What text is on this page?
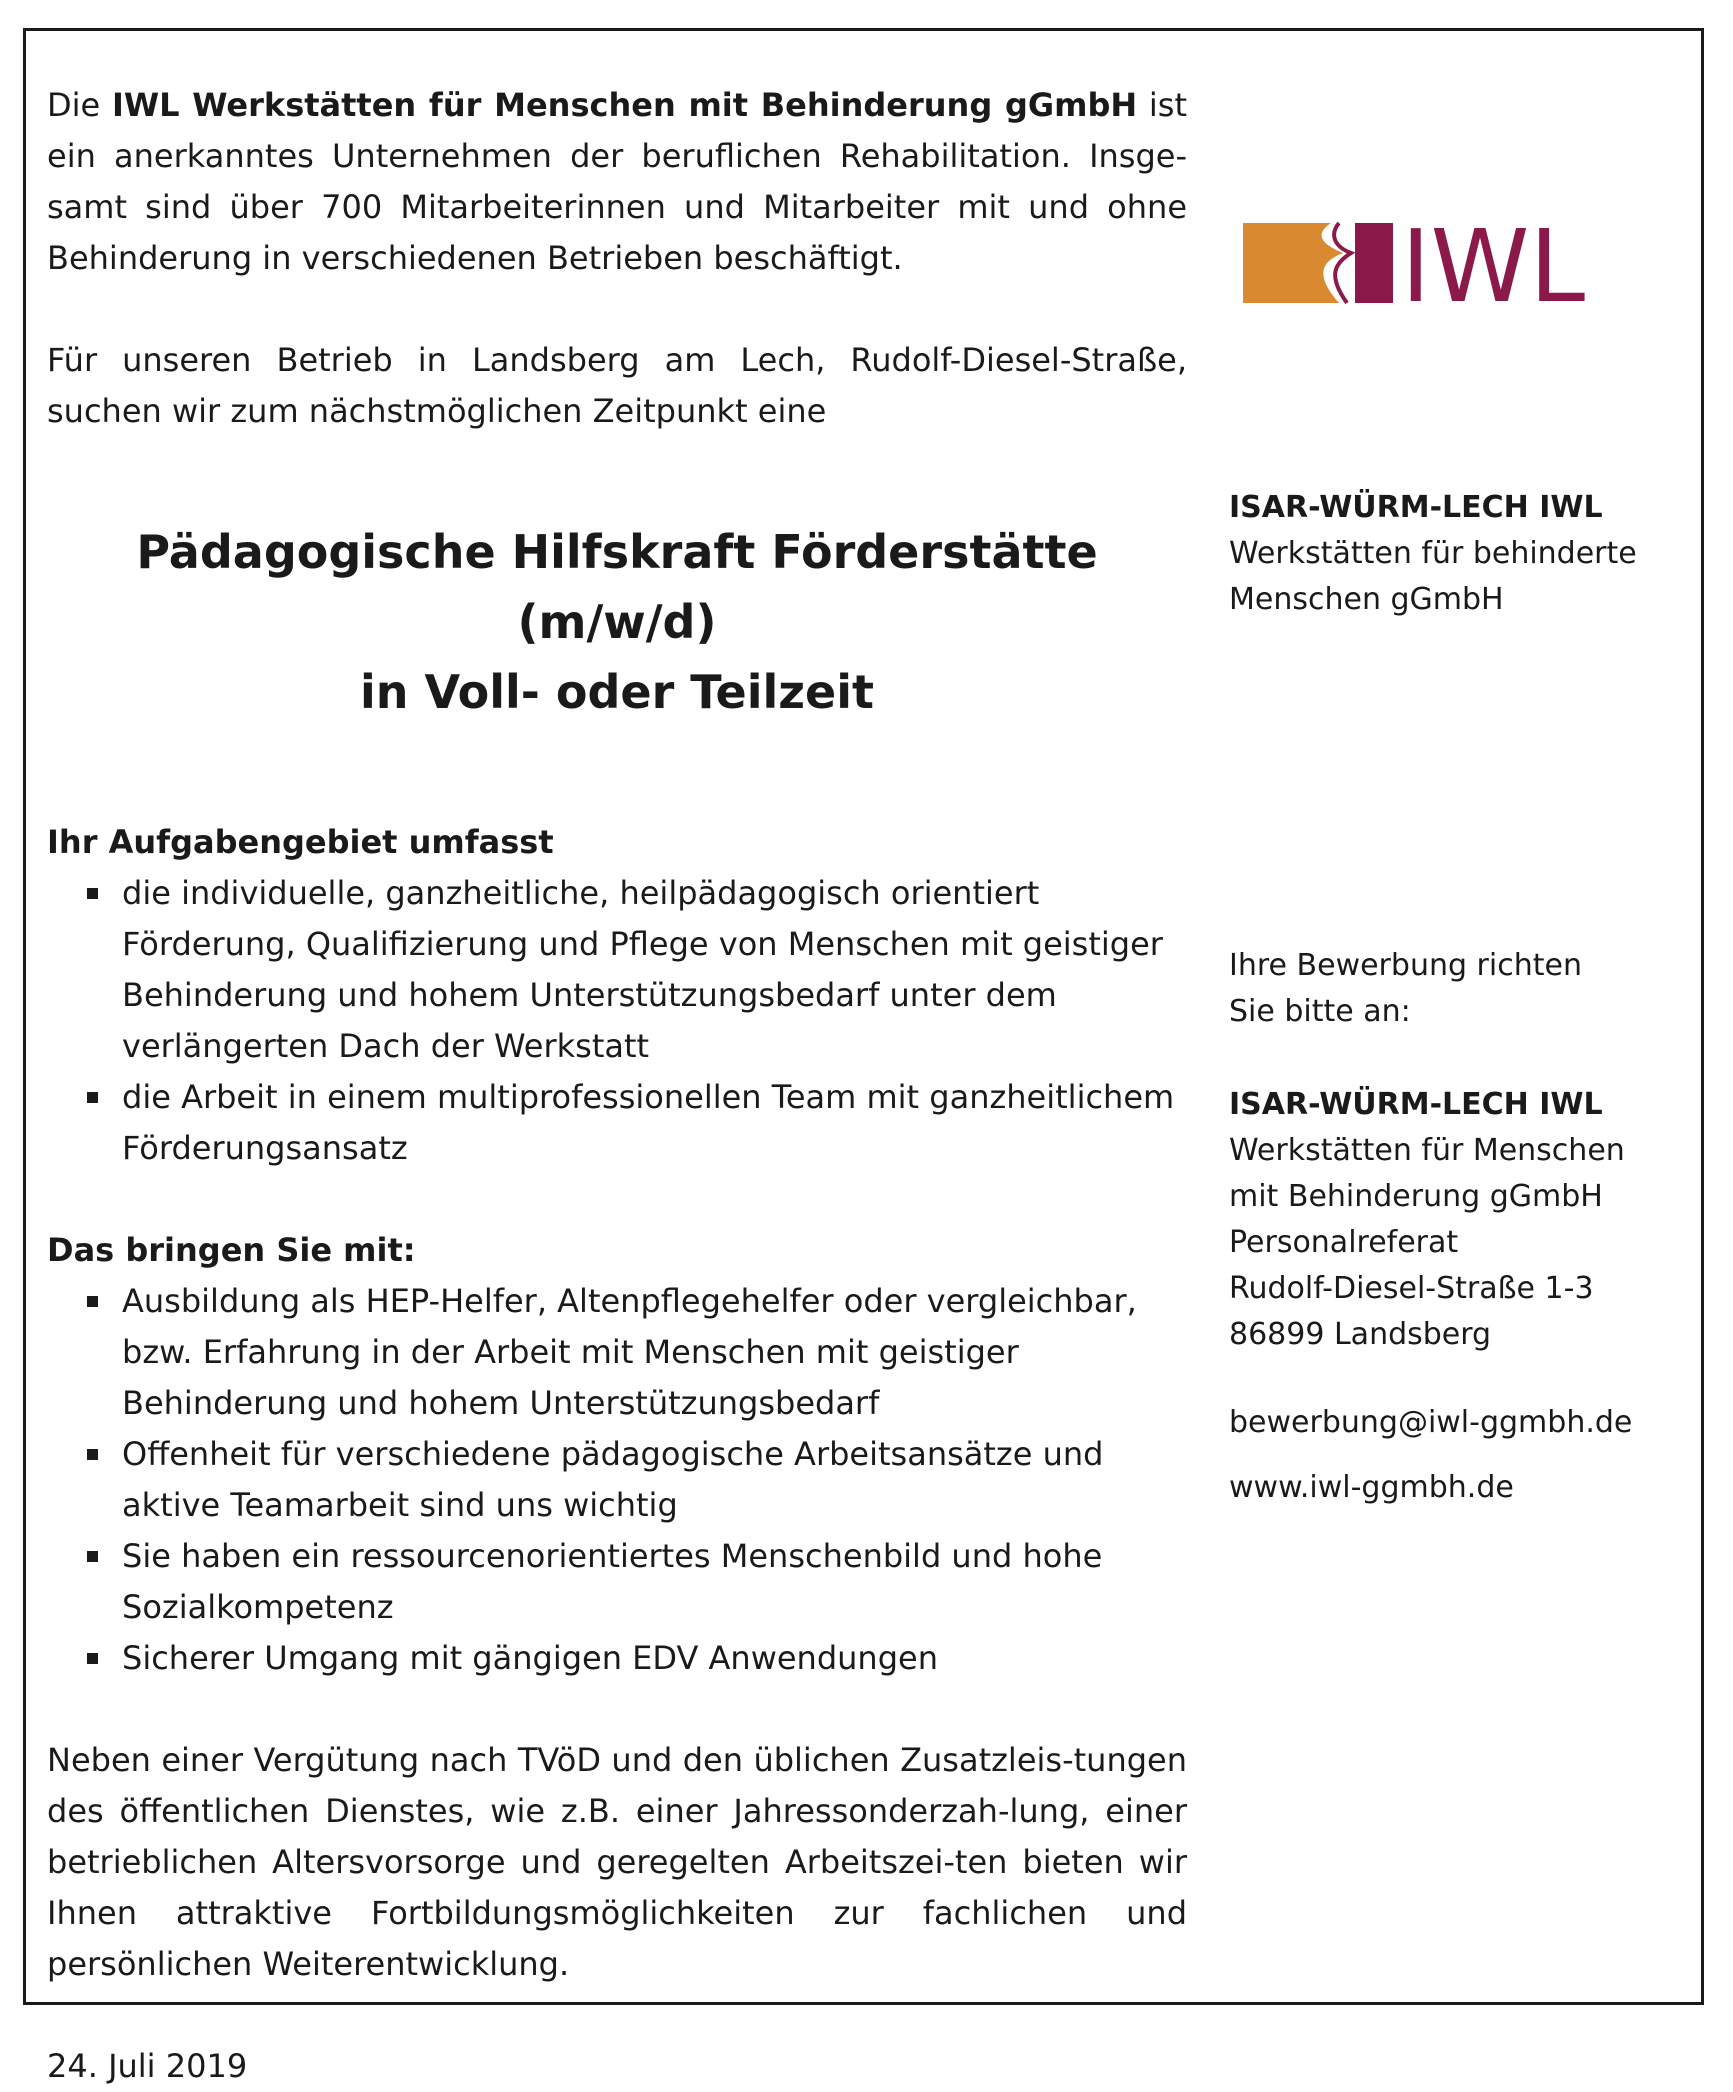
Die IWL Werkstätten für Menschen mit Behinderung gGmbH ist ein anerkanntes Unternehmen der beruflichen Rehabilitation. Insge-samt sind über 700 Mitarbeiterinnen und Mitarbeiter mit und ohne Behinderung in verschiedenen Betrieben beschäftigt.

Für unseren Betrieb in Landsberg am Lech, Rudolf-Diesel-Straße, suchen wir zum nächstmöglichen Zeitpunkt eine

Pädagogische Hilfskraft Förderstätte (m/w/d)
in Voll- oder Teilzeit

Ihr Aufgabengebiet umfasst

die individuelle, ganzheitliche, heilpädagogisch orientiert Förderung, Qualifizierung und Pflege von Menschen mit geistiger Behinderung und hohem Unterstützungsbedarf unter dem verlängerten Dach der Werkstatt
die Arbeit in einem multiprofessionellen Team mit ganzheitlichem Förderungsansatz

Das bringen Sie mit:

Ausbildung als HEP-Helfer, Altenpflegehelfer oder vergleichbar, bzw. Erfahrung in der Arbeit mit Menschen mit geistiger Behinderung und hohem Unterstützungsbedarf
Offenheit für verschiedene pädagogische Arbeitsansätze und aktive Teamarbeit sind uns wichtig
Sie haben ein ressourcenorientiertes Menschenbild und hohe Sozialkompetenz
Sicherer Umgang mit gängigen EDV Anwendungen

Neben einer Vergütung nach TVöD und den üblichen Zusatzleis-tungen des öffentlichen Dienstes, wie z.B. einer Jahressonderzah-lung, einer betrieblichen Altersvorsorge und geregelten Arbeitszei-ten bieten wir Ihnen attraktive Fortbildungsmöglichkeiten zur fachlichen und persönlichen Weiterentwicklung.

24. Juli 2019

IWL
ISAR-WÜRM-LECH IWL
Werkstätten für behinderte
Menschen gGmbH
Ihre Bewerbung richten
Sie bitte an:
ISAR-WÜRM-LECH IWL
Werkstätten für Menschen
mit Behinderung gGmbH
Personalreferat
Rudolf-Diesel-Straße 1-3
86899 Landsberg
bewerbung@iwl-ggmbh.de
www.iwl-ggmbh.de
